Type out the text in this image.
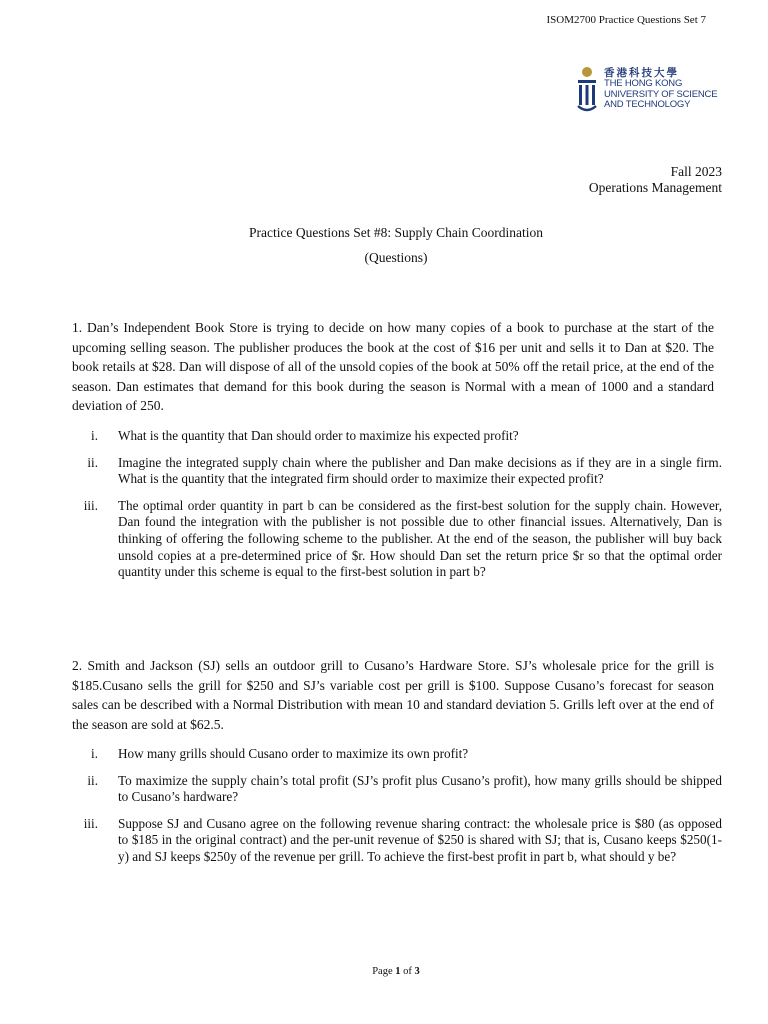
ISOM2700 Practice Questions Set 7
香港科技大學
THE HONG KONG
UNIVERSITY OF SCIENCE
AND TECHNOLOGY
Fall 2023
Operations Management
Practice Questions Set #8: Supply Chain Coordination
(Questions)
1. Dan’s Independent Book Store is trying to decide on how many copies of a book to purchase at the start of the upcoming selling season. The publisher produces the book at the cost of $16 per unit and sells it to Dan at $20. The book retails at $28. Dan will dispose of all of the unsold copies of the book at 50% off the retail price, at the end of the season. Dan estimates that demand for this book during the season is Normal with a mean of 1000 and a standard deviation of 250.
i. What is the quantity that Dan should order to maximize his expected profit?
ii. Imagine the integrated supply chain where the publisher and Dan make decisions as if they are in a single firm. What is the quantity that the integrated firm should order to maximize their expected profit?
iii. The optimal order quantity in part b can be considered as the first-best solution for the supply chain. However, Dan found the integration with the publisher is not possible due to other financial issues. Alternatively, Dan is thinking of offering the following scheme to the publisher. At the end of the season, the publisher will buy back unsold copies at a pre-determined price of $r. How should Dan set the return price $r so that the optimal order quantity under this scheme is equal to the first-best solution in part b?
2. Smith and Jackson (SJ) sells an outdoor grill to Cusano’s Hardware Store. SJ’s wholesale price for the grill is $185.Cusano sells the grill for $250 and SJ’s variable cost per grill is $100. Suppose Cusano’s forecast for season sales can be described with a Normal Distribution with mean 10 and standard deviation 5. Grills left over at the end of the season are sold at $62.5.
i. How many grills should Cusano order to maximize its own profit?
ii. To maximize the supply chain’s total profit (SJ’s profit plus Cusano’s profit), how many grills should be shipped to Cusano’s hardware?
iii. Suppose SJ and Cusano agree on the following revenue sharing contract: the wholesale price is $80 (as opposed to $185 in the original contract) and the per-unit revenue of $250 is shared with SJ; that is, Cusano keeps $250(1-y) and SJ keeps $250y of the revenue per grill. To achieve the first-best profit in part b, what should y be?
Page 1 of 3
